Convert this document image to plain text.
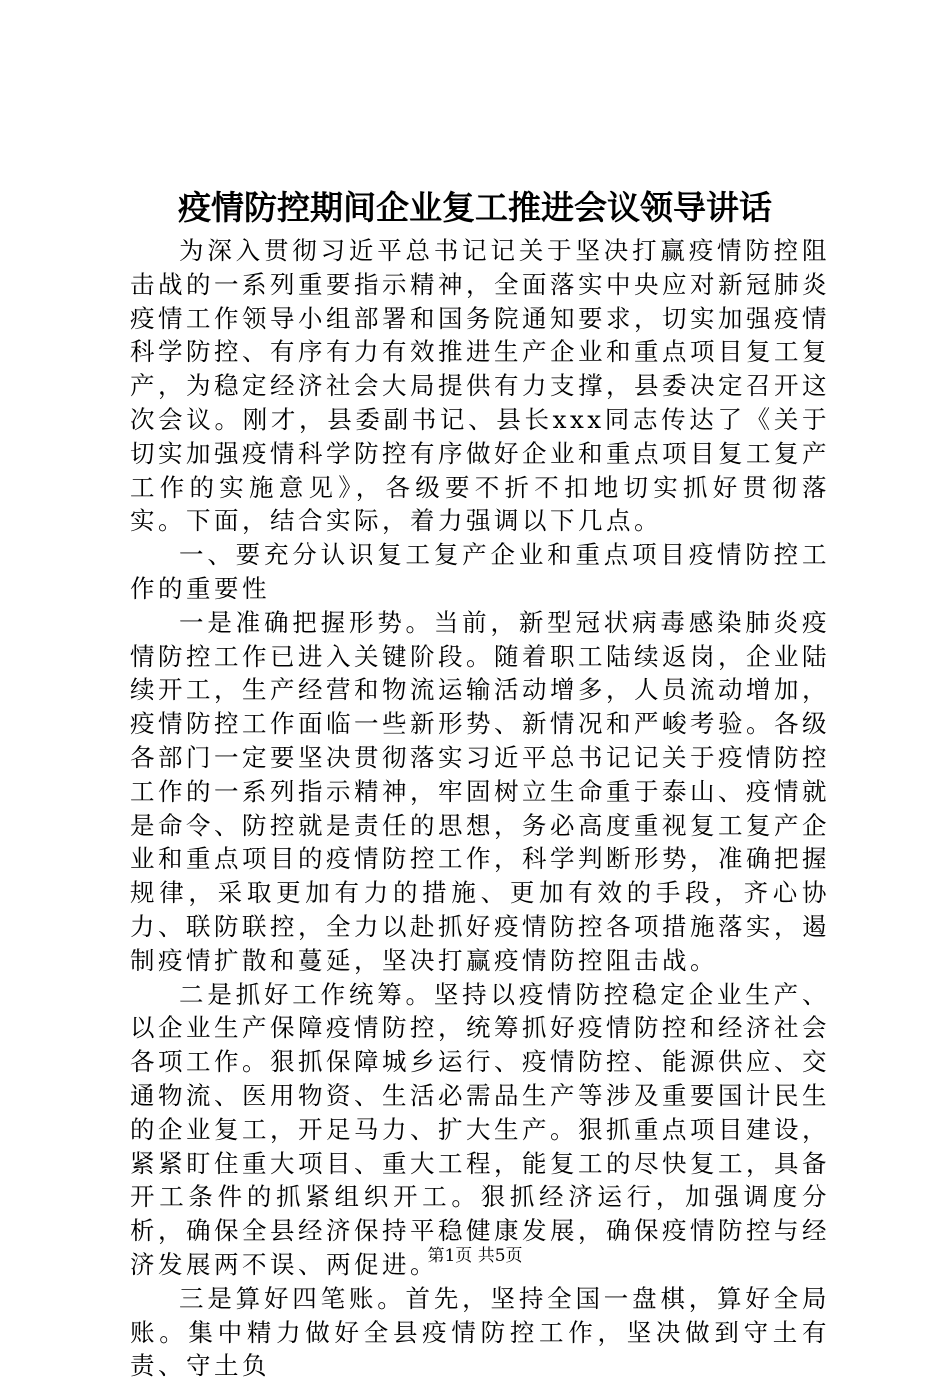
疫情防控期间企业复工推进会议领导讲话

为深入贯彻习近平总书记记关于坚决打赢疫情防控阻击战的一系列重要指示精神，全面落实中央应对新冠肺炎疫情工作领导小组部署和国务院通知要求，切实加强疫情科学防控、有序有力有效推进生产企业和重点项目复工复产，为稳定经济社会大局提供有力支撑，县委决定召开这次会议。刚才，县委副书记、县长xxx同志传达了《关于切实加强疫情科学防控有序做好企业和重点项目复工复产工作的实施意见》，各级要不折不扣地切实抓好贯彻落实。下面，结合实际，着力强调以下几点。

一、要充分认识复工复产企业和重点项目疫情防控工作的重要性

一是准确把握形势。当前，新型冠状病毒感染肺炎疫情防控工作已进入关键阶段。随着职工陆续返岗，企业陆续开工，生产经营和物流运输活动增多，人员流动增加，疫情防控工作面临一些新形势、新情况和严峻考验。各级各部门一定要坚决贯彻落实习近平总书记记关于疫情防控工作的一系列指示精神，牢固树立生命重于泰山、疫情就是命令、防控就是责任的思想，务必高度重视复工复产企业和重点项目的疫情防控工作，科学判断形势，准确把握规律，采取更加有力的措施、更加有效的手段，齐心协力、联防联控，全力以赴抓好疫情防控各项措施落实，遏制疫情扩散和蔓延，坚决打赢疫情防控阻击战。

二是抓好工作统筹。坚持以疫情防控稳定企业生产、以企业生产保障疫情防控，统筹抓好疫情防控和经济社会各项工作。狠抓保障城乡运行、疫情防控、能源供应、交通物流、医用物资、生活必需品生产等涉及重要国计民生的企业复工，开足马力、扩大生产。狠抓重点项目建设，紧紧盯住重大项目、重大工程，能复工的尽快复工，具备开工条件的抓紧组织开工。狠抓经济运行，加强调度分析，确保全县经济保持平稳健康发展，确保疫情防控与经济发展两不误、两促进。

三是算好四笔账。首先，坚持全国一盘棋，算好全局账。集中精力做好全县疫情防控工作，坚决做到守土有责、守土负

第1页 共5页
